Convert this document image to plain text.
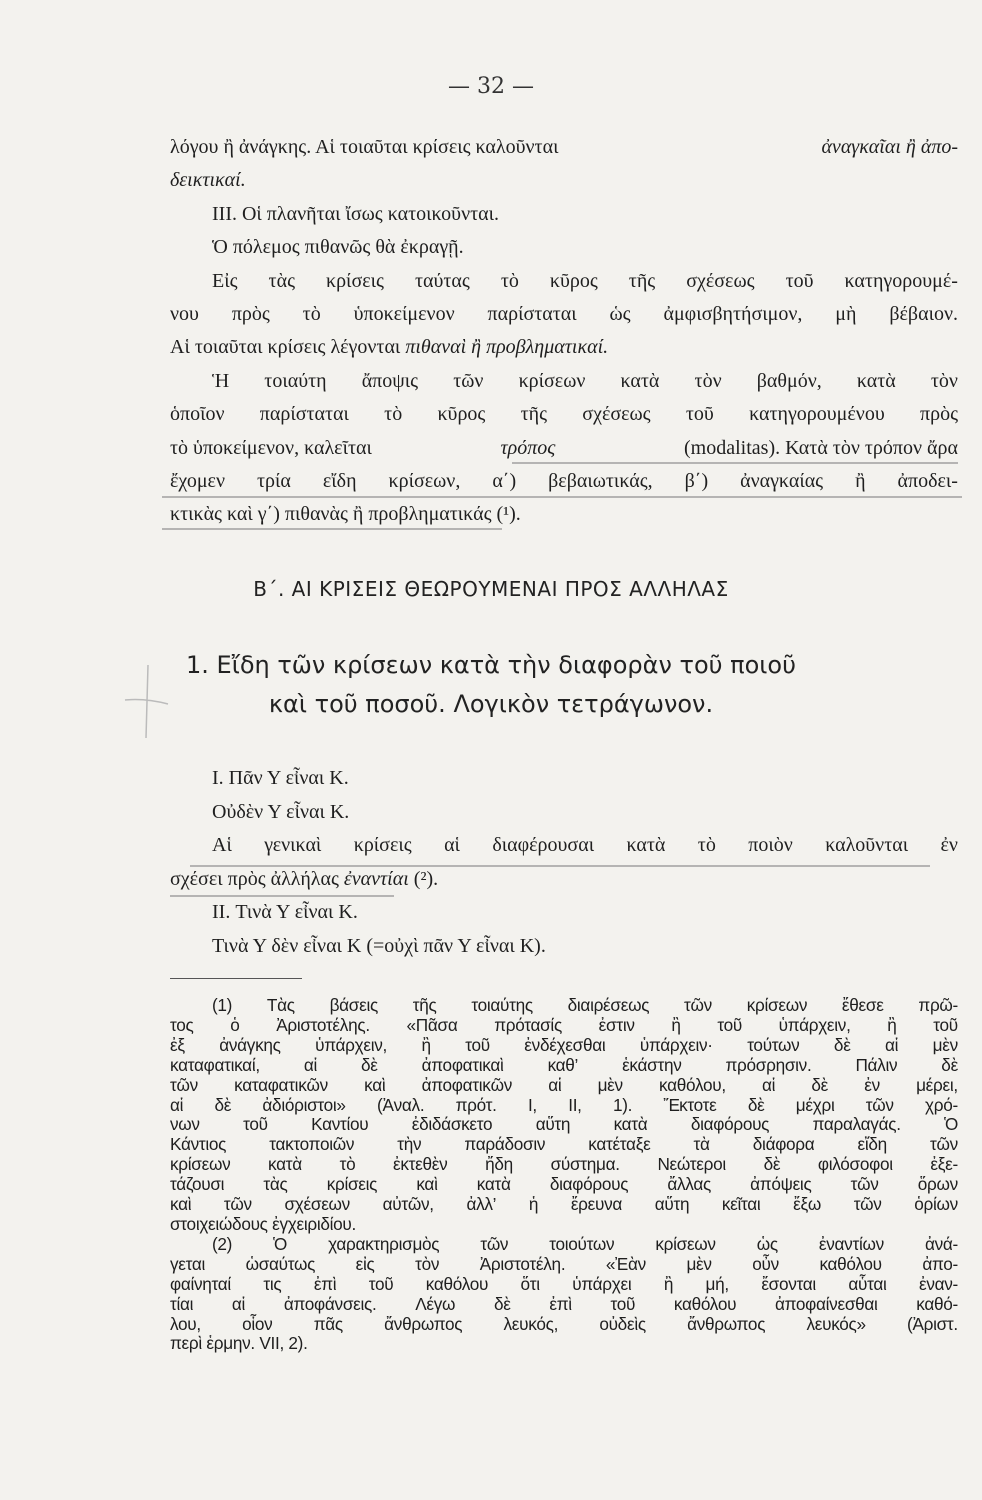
— 32 —
λόγου ἢ ἀνάγκης. Αἱ τοιαῦται κρίσεις καλοῦνται	ἀναγκαῖαι ἢ ἀπο-
δεικτικαί.
III. Οἱ πλανῆται ἴσως κατοικοῦνται.
Ὁ πόλεμος πιθανῶς θὰ ἐκραγῇ.
Εἰς τὰς κρίσεις ταύτας τὸ κῦρος τῆς σχέσεως τοῦ κατηγορουμέ-
νου πρὸς τὸ ὑποκείμενον παρίσταται ὡς ἀμφισβητήσιμον, μὴ βέβαιον.
Αἱ τοιαῦται κρίσεις λέγονται πιθαναὶ ἢ προβληματικαί.
Ἡ τοιαύτη ἄποψις τῶν κρίσεων κατὰ τὸν βαθμόν, κατὰ τὸν
ὁποῖον παρίσταται τὸ κῦρος τῆς σχέσεως τοῦ κατηγορουμένου πρὸς
τὸ ὑποκείμενον, καλεῖται	τρόπος	(modalitas). Κατὰ τὸν τρόπον ἄρα
ἔχομεν τρία εἴδη κρίσεων, α΄) βεβαιωτικάς, β΄) ἀναγκαίας ἢ ἀποδει-
κτικὰς καὶ γ΄) πιθανὰς ἢ προβληματικάς (¹).
Β΄. ΑΙ ΚΡΙΣΕΙΣ ΘΕΩΡΟΥΜΕΝΑΙ ΠΡΟΣ ΑΛΛΗΛΑΣ
1. Εἴδη τῶν κρίσεων κατὰ τὴν διαφορὰν τοῦ ποιοῦ
καὶ τοῦ ποσοῦ. Λογικὸν τετράγωνον.
I. Πᾶν Υ εἶναι Κ.
Οὐδὲν Υ εἶναι Κ.
Αἱ γενικαὶ κρίσεις αἱ διαφέρουσαι κατὰ τὸ ποιὸν καλοῦνται ἐν
σχέσει πρὸς ἀλλήλας ἐναντίαι (²).
II. Τινὰ Υ εἶναι Κ.
Τινὰ Υ δὲν εἶναι Κ (=οὐχὶ πᾶν Υ εἶναι Κ).
(1) Τὰς βάσεις τῆς τοιαύτης διαιρέσεως τῶν κρίσεων ἔθεσε πρῶ-
τος ὁ Ἀριστοτέλης. «Πᾶσα πρότασίς ἐστιν ἢ τοῦ ὑπάρχειν, ἢ τοῦ
ἐξ ἀνάγκης ὑπάρχειν, ἢ τοῦ ἐνδέχεσθαι ὑπάρχειν· τούτων δὲ αἱ μὲν
καταφατικαί,	αἱ	δὲ	ἀποφατικαὶ	καθ’	ἑκάστην	πρόσρησιν.	Πάλιν	δὲ
τῶν καταφατικῶν καὶ ἀποφατικῶν αἱ μὲν καθόλου, αἱ δὲ ἐν μέρει,
αἱ δὲ ἀδιόριστοι» (Ἀναλ. πρότ. I, II, 1). Ἔκτοτε δὲ μέχρι τῶν χρό-
νων	τοῦ	Καντίου	ἐδιδάσκετο	αὕτη	κατὰ	διαφόρους	παραλαγάς.	Ὁ
Κάντιος	τακτοποιῶν	τὴν	παράδοσιν	κατέταξε	τὰ	διάφορα	εἴδη	τῶν
κρίσεων κατὰ τὸ ἐκτεθὲν ἤδη σύστημα. Νεώτεροι δὲ φιλόσοφοι ἐξε-
τάζουσι τὰς κρίσεις καὶ κατὰ διαφόρους ἄλλας ἀπόψεις τῶν ὅρων
καὶ τῶν σχέσεων αὐτῶν, ἀλλ’ ἡ ἔρευνα αὕτη κεῖται ἔξω τῶν ὁρίων
στοιχειώδους ἐγχειριδίου.
(2) Ὁ χαρακτηρισμὸς τῶν τοιούτων κρίσεων ὡς ἐναντίων ἀνά-
γεται ὡσαύτως εἰς τὸν Ἀριστοτέλη. «Ἐὰν μὲν οὖν καθόλου ἀπο-
φαίνηταί τις ἐπὶ τοῦ καθόλου ὅτι ὑπάρχει ἢ μή, ἔσονται αὗται ἐναν-
τίαι αἱ ἀποφάνσεις. Λέγω δὲ ἐπὶ τοῦ καθόλου ἀποφαίνεσθαι καθό-
λου, οἷον πᾶς ἄνθρωπος λευκός, οὐδεὶς ἄνθρωπος λευκός» (Ἀριστ.
περὶ ἑρμην. VII, 2).
